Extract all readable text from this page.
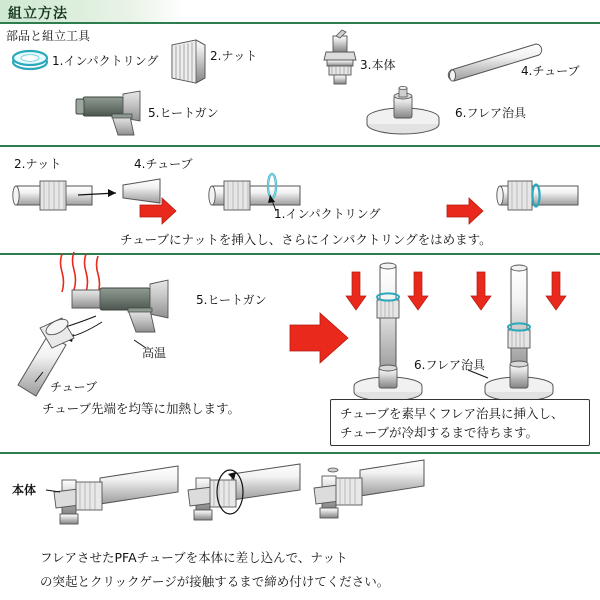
組立方法
部品と組立工具
1.インパクトリング	2.ナット
3.本体	4.チューブ
5.ヒートガン	6.フレア治具
2.ナット	4.チューブ
1.インパクトリング
チューブにナットを挿入し、さらにインパクトリングをはめます。
5.ヒートガン
高温
チューブ
チューブ先端を均等に加熱します。
6.フレア治具
チューブを素早くフレア治具に挿入し、
チューブが冷却するまで待ちます。
本体
フレアさせたPFAチューブを本体に差し込んで、ナット
の突起とクリックゲージが接触するまで締め付けてください。
